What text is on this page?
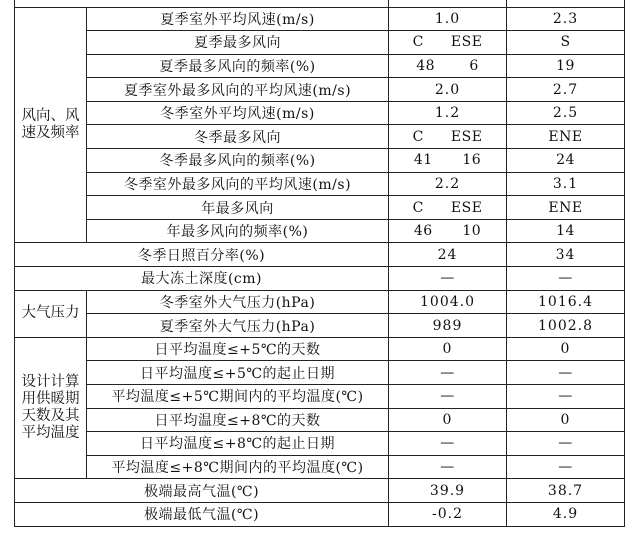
风向、风速及频率	夏季室外平均风速(m/s)	1.0	2.3
	夏季最多风向	C ESE	S
	夏季最多风向的频率(%)	48 6	19
	夏季室外最多风向的平均风速(m/s)	2.0	2.7
	冬季室外平均风速(m/s)	1.2	2.5
	冬季最多风向	C ESE	ENE
	冬季最多风向的频率(%)	41 16	24
	冬季室外最多风向的平均风速(m/s)	2.2	3.1
	年最多风向	C ESE	ENE
	年最多风向的频率(%)	46 10	14
冬季日照百分率(%)		24	34
最大冻土深度(cm)		—	—
大气压力	冬季室外大气压力(hPa)	1004.0	1016.4
	夏季室外大气压力(hPa)	989	1002.8
设计计算用供暖期天数及其平均温度	日平均温度≤+5℃的天数	0	0
	日平均温度≤+5℃的起止日期	—	—
	平均温度≤+5℃期间内的平均温度(℃)	—	—
	日平均温度≤+8℃的天数	0	0
	日平均温度≤+8℃的起止日期	—	—
	平均温度≤+8℃期间内的平均温度(℃)	—	—
极端最高气温(℃)		39.9	38.7
极端最低气温(℃)		-0.2	4.9
